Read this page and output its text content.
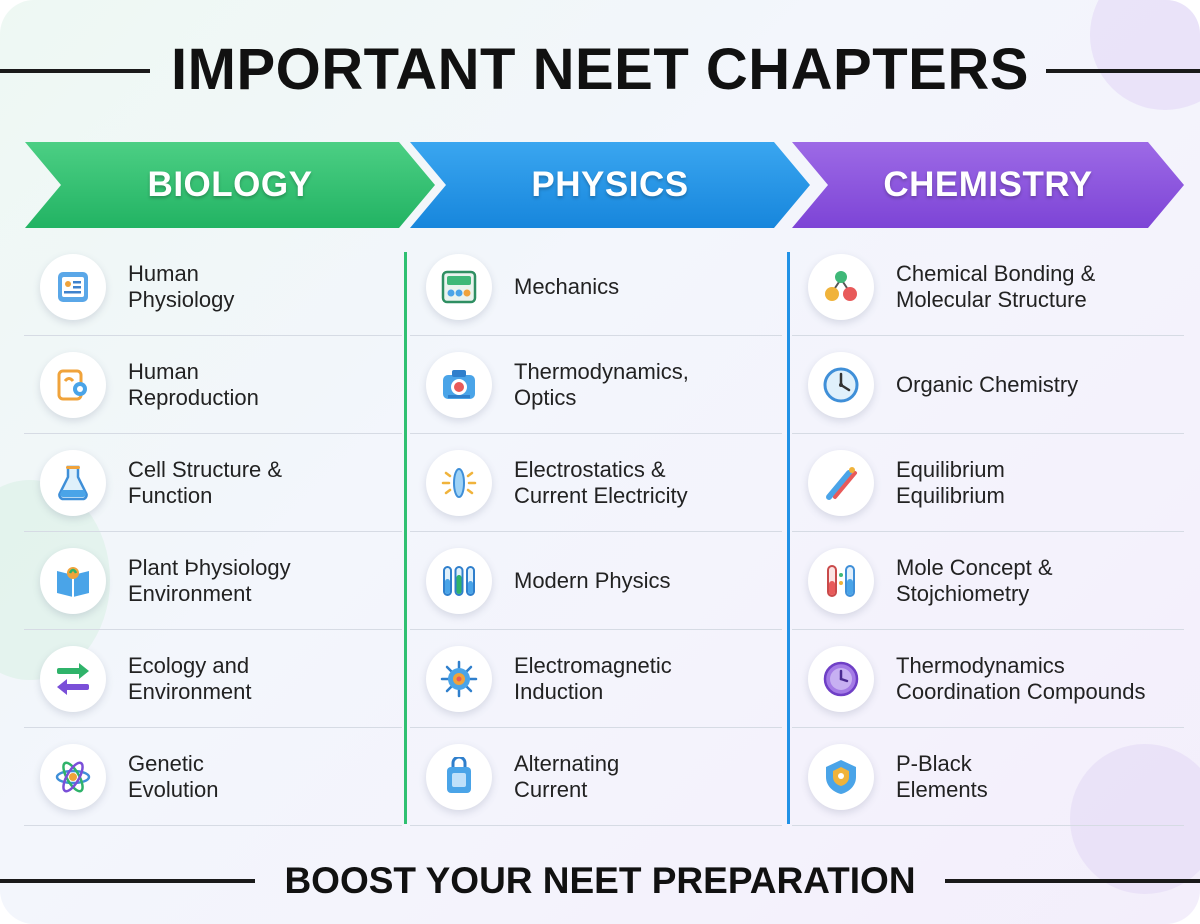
IMPORTANT NEET CHAPTERS
BIOLOGY
Human
Physiology
Human
Reproduction
Cell Structure &
Function
Plant Þhysiology
Environment
Ecology and
Environment
Genetic
Evolution
PHYSICS
Mechanics
Thermodynamics,
Optics
Electrostatics &
Current Electricity
Modern Physics
Electromagnetic
Induction
Alternating
Current
CHEMISTRY
Chemical Bonding &
Molecular Structure
Organic Chemistry
Equilibrium
Equilibrium
Mole Concept &
Stojchiometry
Thermodynamics
Coordination Compounds
P-Black
Elements
BOOST YOUR NEET PREPARATION
